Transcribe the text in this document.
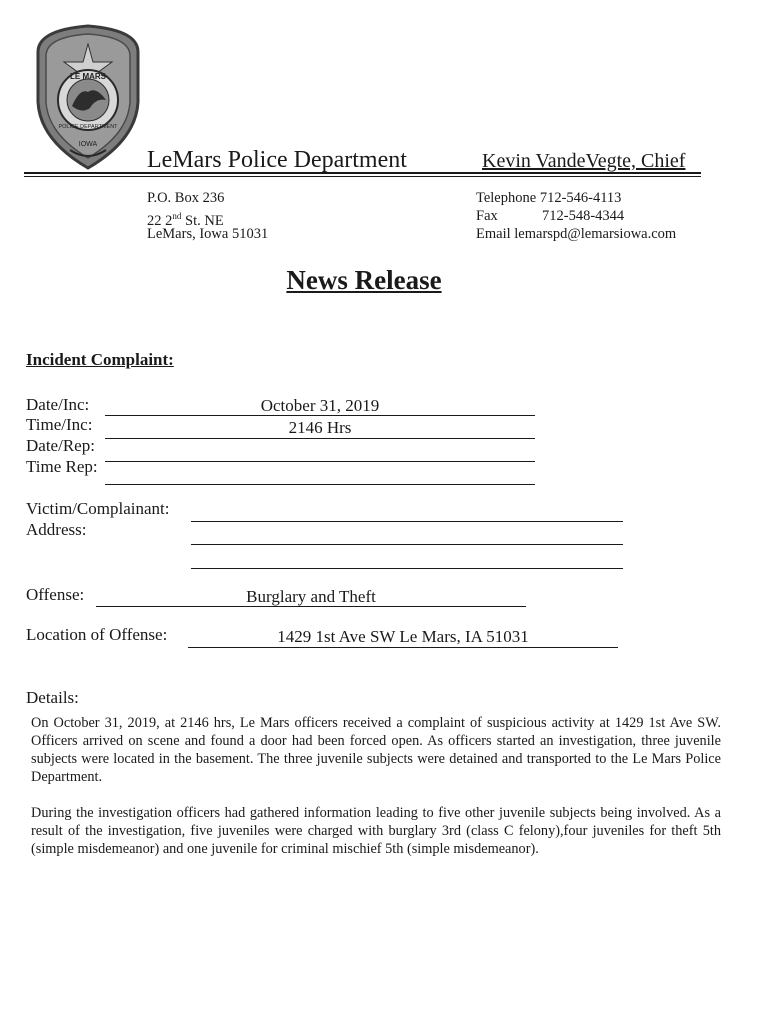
LE MARS
POLICE DEPARTMENT
IOWA
LeMars Police Department	Kevin VandeVegte, Chief
P.O. Box 236
22 2nd St. NE
LeMars, Iowa 51031
Telephone 712-546-4113
Fax	712-548-4344
Email lemarspd@lemarsiowa.com
News Release
Incident Complaint:
Date/Inc:	October 31, 2019
Time/Inc:	2146 Hrs
Date/Rep:
Time Rep:
Victim/Complainant:
Address:
Offense:	Burglary and Theft
Location of Offense:	1429 1st Ave SW Le Mars, IA 51031
Details:
On October 31, 2019, at 2146 hrs, Le Mars officers received a complaint of suspicious activity at 1429 1st Ave SW. Officers arrived on scene and found a door had been forced open. As officers started an investigation, three juvenile subjects were located in the basement. The three juvenile subjects were detained and transported to the Le Mars Police Department.
During the investigation officers had gathered information leading to five other juvenile subjects being involved. As a result of the investigation, five juveniles were charged with burglary 3rd (class C felony),four juveniles for theft 5th (simple misdemeanor) and one juvenile for criminal mischief 5th (simple misdemeanor).
